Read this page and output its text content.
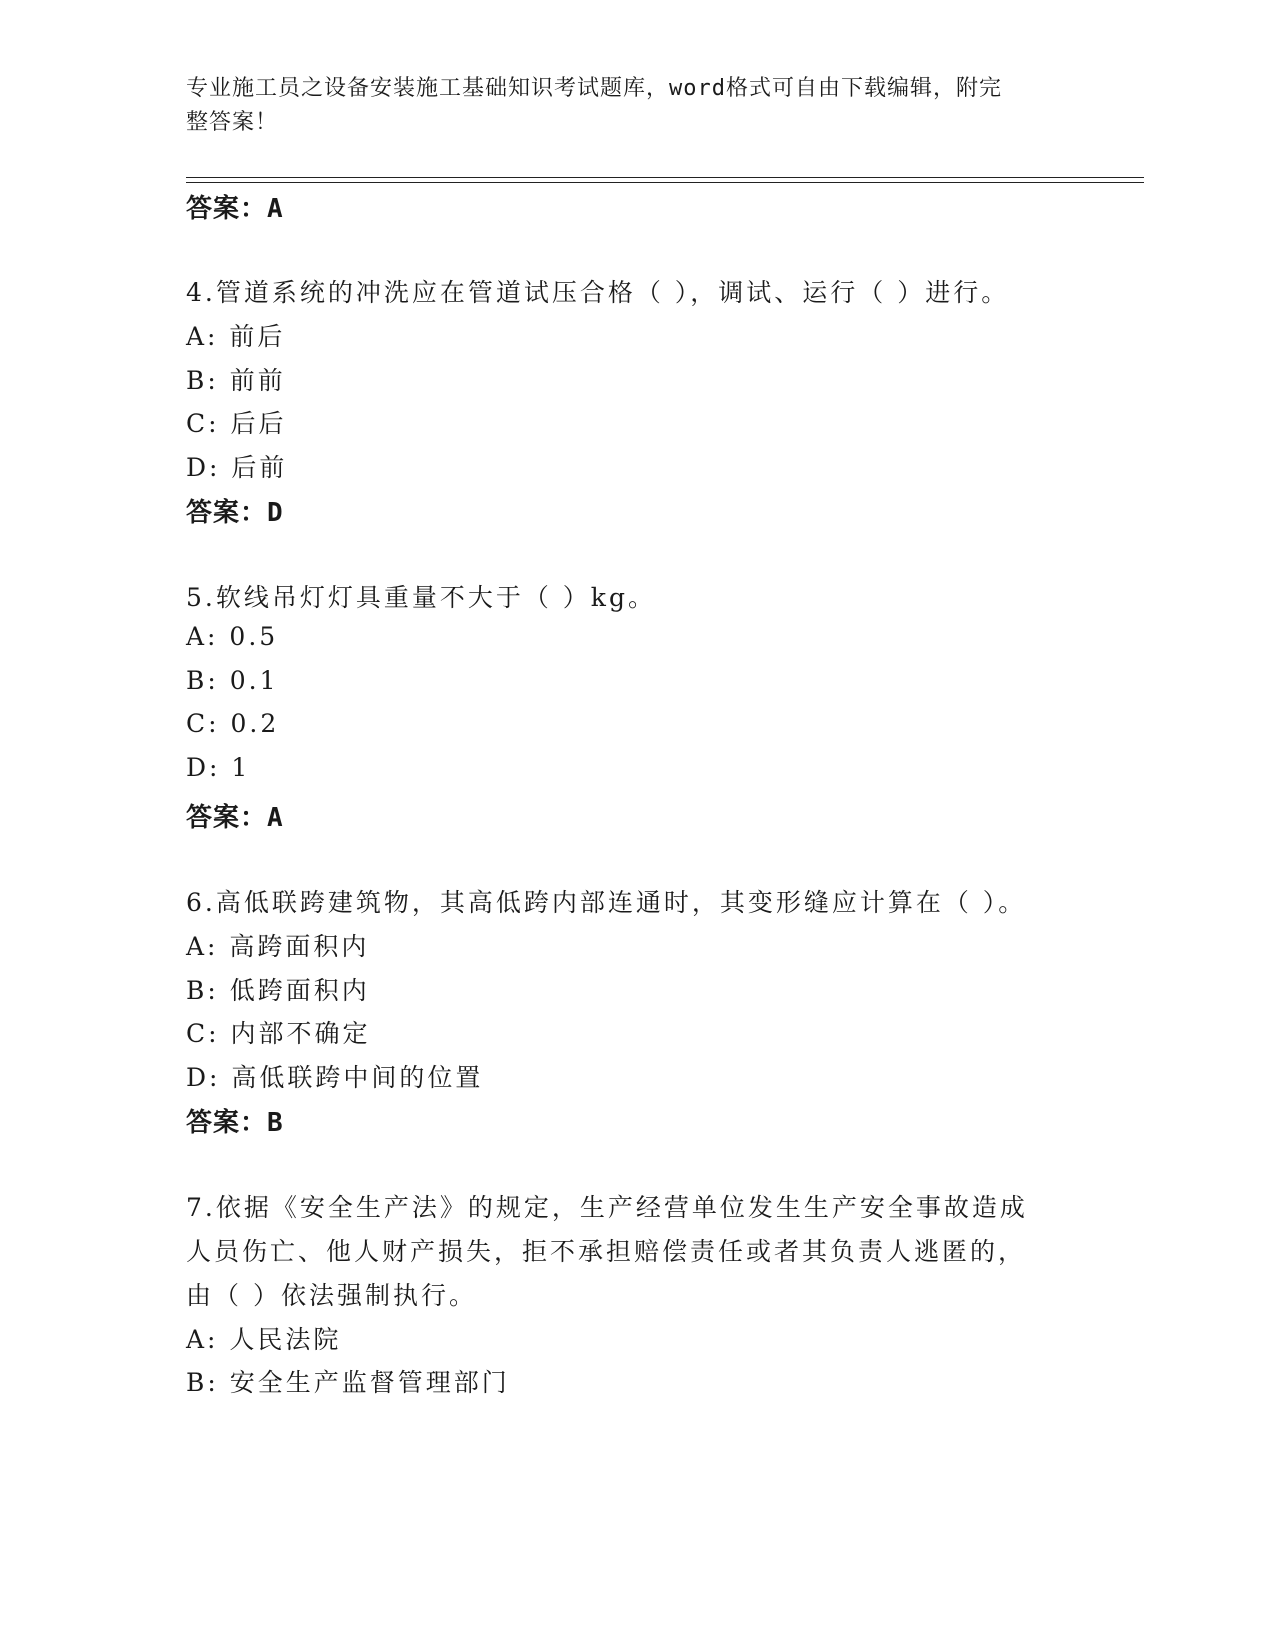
专业施工员之设备安装施工基础知识考试题库，word格式可自由下载编辑，附完
整答案！
答案：A
4.管道系统的冲洗应在管道试压合格（ ），调试、运行（ ）进行。
A: 前后
B: 前前
C: 后后
D: 后前
答案：D
5.软线吊灯灯具重量不大于（ ）kg。
A: 0.5
B: 0.1
C: 0.2
D: 1
答案：A
6.高低联跨建筑物，其高低跨内部连通时，其变形缝应计算在（ ）。
A: 高跨面积内
B: 低跨面积内
C: 内部不确定
D: 高低联跨中间的位置
答案：B
7.依据《安全生产法》的规定，生产经营单位发生生产安全事故造成
人员伤亡、他人财产损失，拒不承担赔偿责任或者其负责人逃匿的，
由（ ）依法强制执行。
A: 人民法院
B: 安全生产监督管理部门
